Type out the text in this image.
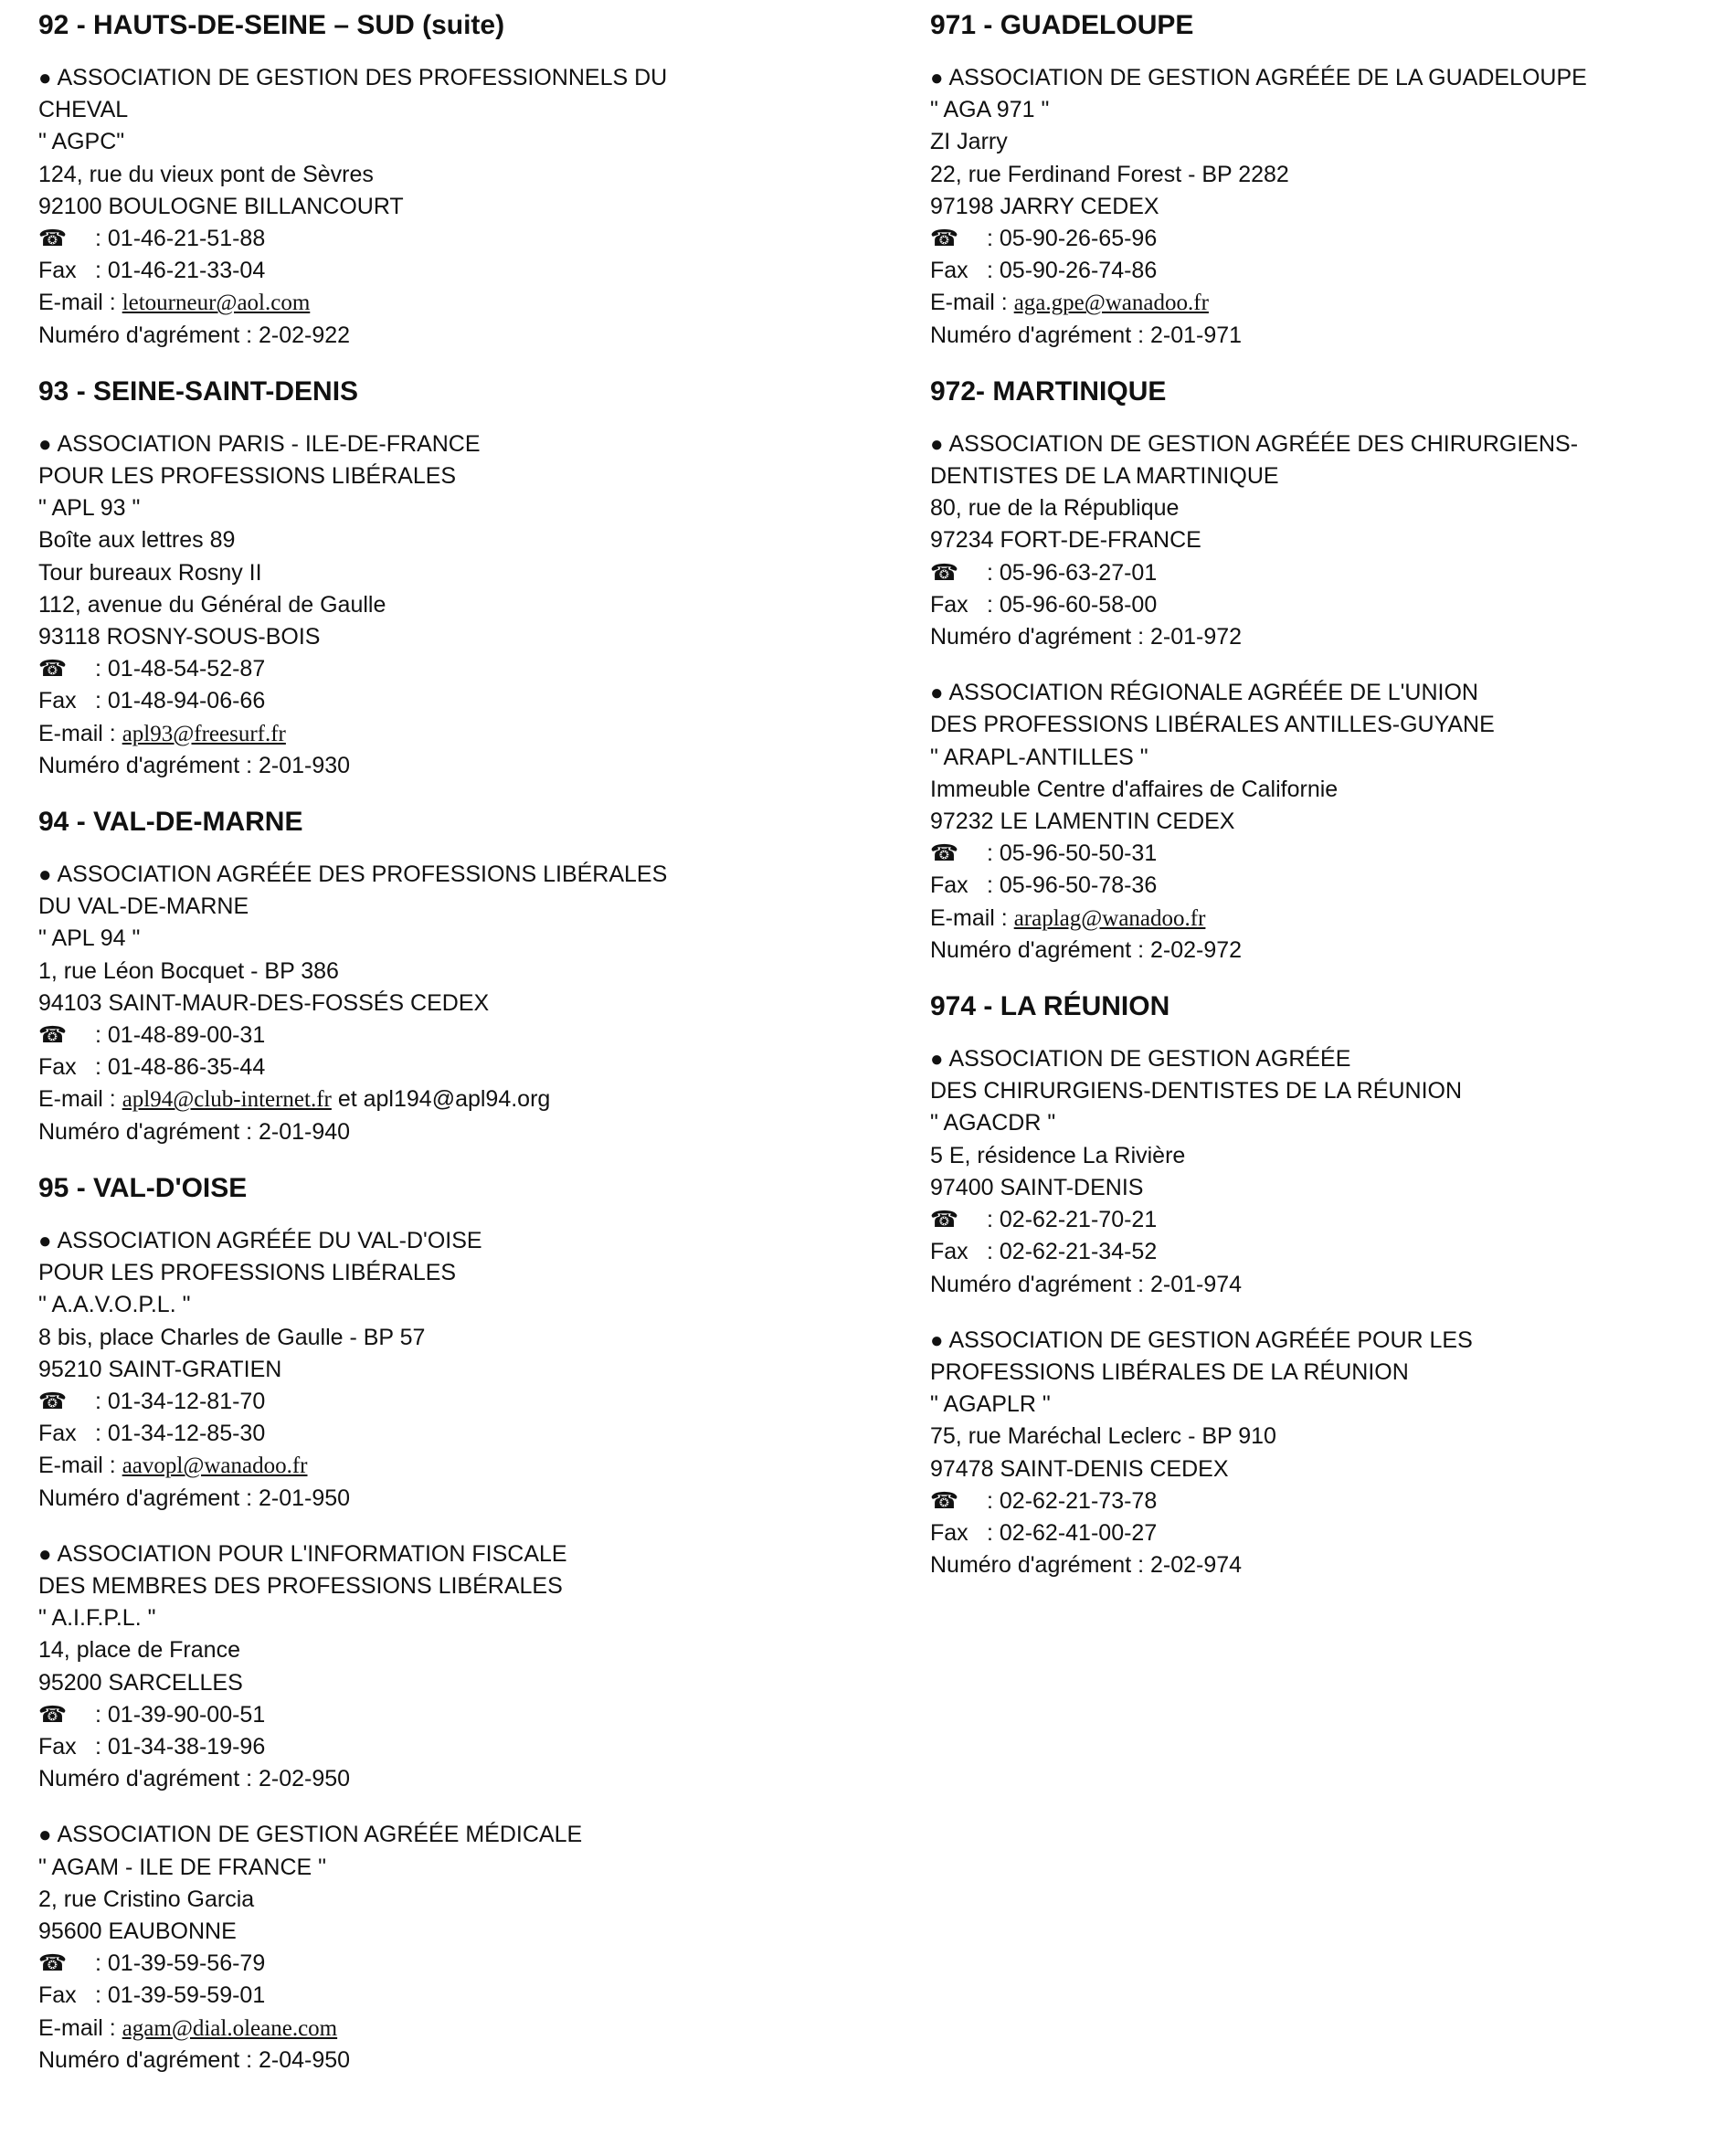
92 - HAUTS-DE-SEINE – SUD (suite)
● ASSOCIATION DE GESTION DES PROFESSIONNELS DU
CHEVAL
" AGPC"
124, rue du vieux pont de Sèvres
92100 BOULOGNE BILLANCOURT
☎ : 01-46-21-51-88
Fax : 01-46-21-33-04
E-mail : letourneur@aol.com
Numéro d'agrément : 2-02-922
93 - SEINE-SAINT-DENIS
● ASSOCIATION PARIS - ILE-DE-FRANCE
POUR LES PROFESSIONS LIBÉRALES
" APL 93 "
Boîte aux lettres 89
Tour bureaux Rosny II
112, avenue du Général de Gaulle
93118 ROSNY-SOUS-BOIS
☎ : 01-48-54-52-87
Fax : 01-48-94-06-66
E-mail : apl93@freesurf.fr
Numéro d'agrément : 2-01-930
94 - VAL-DE-MARNE
● ASSOCIATION AGRÉÉE DES PROFESSIONS LIBÉRALES
DU VAL-DE-MARNE
" APL 94 "
1, rue Léon Bocquet - BP 386
94103 SAINT-MAUR-DES-FOSSÉS CEDEX
☎ : 01-48-89-00-31
Fax : 01-48-86-35-44
E-mail : apl94@club-internet.fr et apl194@apl94.org
Numéro d'agrément : 2-01-940
95 - VAL-D'OISE
● ASSOCIATION AGRÉÉE DU VAL-D'OISE
POUR LES PROFESSIONS LIBÉRALES
" A.A.V.O.P.L. "
8 bis, place Charles de Gaulle - BP 57
95210 SAINT-GRATIEN
☎ : 01-34-12-81-70
Fax : 01-34-12-85-30
E-mail : aavopl@wanadoo.fr
Numéro d'agrément : 2-01-950
● ASSOCIATION POUR L'INFORMATION FISCALE
DES MEMBRES DES PROFESSIONS LIBÉRALES
" A.I.F.P.L. "
14, place de France
95200 SARCELLES
☎ : 01-39-90-00-51
Fax : 01-34-38-19-96
Numéro d'agrément : 2-02-950
● ASSOCIATION DE GESTION AGRÉÉE MÉDICALE
" AGAM - ILE DE FRANCE "
2, rue Cristino Garcia
95600 EAUBONNE
☎ : 01-39-59-56-79
Fax : 01-39-59-59-01
E-mail : agam@dial.oleane.com
Numéro d'agrément : 2-04-950
971 - GUADELOUPE
● ASSOCIATION DE GESTION AGRÉÉE DE LA GUADELOUPE
" AGA 971 "
ZI Jarry
22, rue Ferdinand Forest - BP 2282
97198 JARRY CEDEX
☎ : 05-90-26-65-96
Fax : 05-90-26-74-86
E-mail : aga.gpe@wanadoo.fr
Numéro d'agrément : 2-01-971
972- MARTINIQUE
● ASSOCIATION DE GESTION AGRÉÉE DES CHIRURGIENS-
DENTISTES DE LA MARTINIQUE
80, rue de la République
97234 FORT-DE-FRANCE
☎ : 05-96-63-27-01
Fax : 05-96-60-58-00
Numéro d'agrément : 2-01-972
● ASSOCIATION RÉGIONALE AGRÉÉE DE L'UNION
DES PROFESSIONS LIBÉRALES ANTILLES-GUYANE
" ARAPL-ANTILLES "
Immeuble Centre d'affaires de Californie
97232 LE LAMENTIN CEDEX
☎ : 05-96-50-50-31
Fax : 05-96-50-78-36
E-mail : araplag@wanadoo.fr
Numéro d'agrément : 2-02-972
974 - LA RÉUNION
● ASSOCIATION DE GESTION AGRÉÉE
DES CHIRURGIENS-DENTISTES DE LA RÉUNION
" AGACDR "
5 E, résidence La Rivière
97400 SAINT-DENIS
☎ : 02-62-21-70-21
Fax : 02-62-21-34-52
Numéro d'agrément : 2-01-974
● ASSOCIATION DE GESTION AGRÉÉE POUR LES
PROFESSIONS LIBÉRALES DE LA RÉUNION
" AGAPLR "
75, rue Maréchal Leclerc - BP 910
97478 SAINT-DENIS CEDEX
☎ : 02-62-21-73-78
Fax : 02-62-41-00-27
Numéro d'agrément : 2-02-974
